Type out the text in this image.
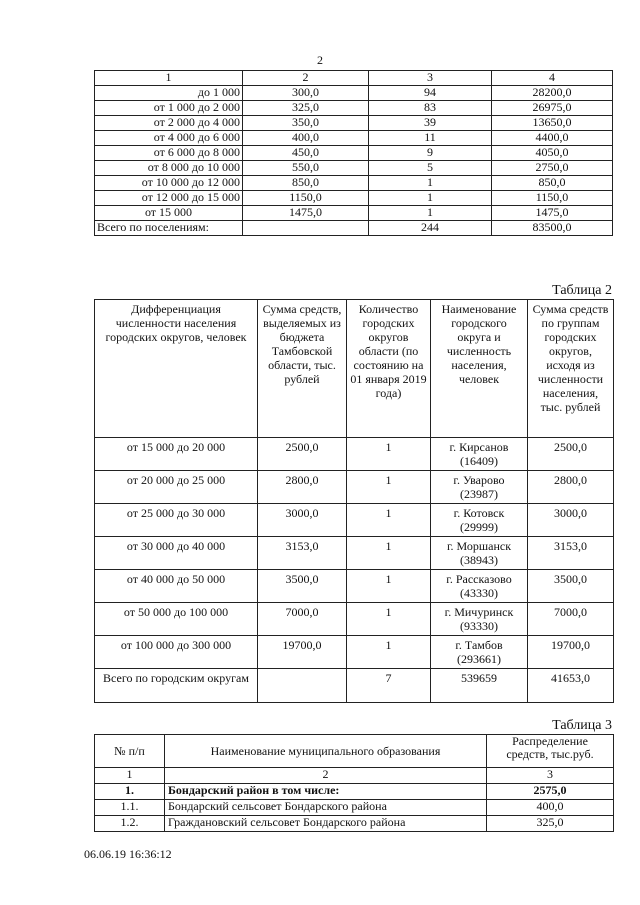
2
1	2	3	4
до 1 000	300,0	94	28200,0
от 1 000 до 2 000	325,0	83	26975,0
от 2 000 до 4 000	350,0	39	13650,0
от 4 000 до 6 000	400,0	11	4400,0
от 6 000 до 8 000	450,0	9	4050,0
от 8 000 до 10 000	550,0	5	2750,0
от 10 000 до 12 000	850,0	1	850,0
от 12 000 до 15 000	1150,0	1	1150,0
от 15 000	1475,0	1	1475,0
Всего по поселениям:		244	83500,0
Таблица 2
Дифференциация численности населения городских округов, человек	Сумма средств, выделяемых из бюджета Тамбовской области, тыс. рублей	Количество городских округов области (по состоянию на 01 января 2019 года)	Наименование городского округа и численность населения, человек	Сумма средств по группам городских округов, исходя из численности населения, тыс. рублей
от 15 000 до 20 000	2500,0	1	г. Кирсанов (16409)	2500,0
от 20 000 до 25 000	2800,0	1	г. Уварово (23987)	2800,0
от 25 000 до 30 000	3000,0	1	г. Котовск (29999)	3000,0
от 30 000 до 40 000	3153,0	1	г. Моршанск (38943)	3153,0
от 40 000 до 50 000	3500,0	1	г. Рассказово (43330)	3500,0
от 50 000 до 100 000	7000,0	1	г. Мичуринск (93330)	7000,0
от 100 000 до 300 000	19700,0	1	г. Тамбов (293661)	19700,0
Всего по городским округам		7	539659	41653,0
Таблица 3
№ п/п	Наименование муниципального образования	Распределение средств, тыс.руб.
1	2	3
1.	Бондарский район в том числе:	2575,0
1.1.	Бондарский сельсовет Бондарского района	400,0
1.2.	Граждановский сельсовет Бондарского района	325,0
06.06.19 16:36:12
